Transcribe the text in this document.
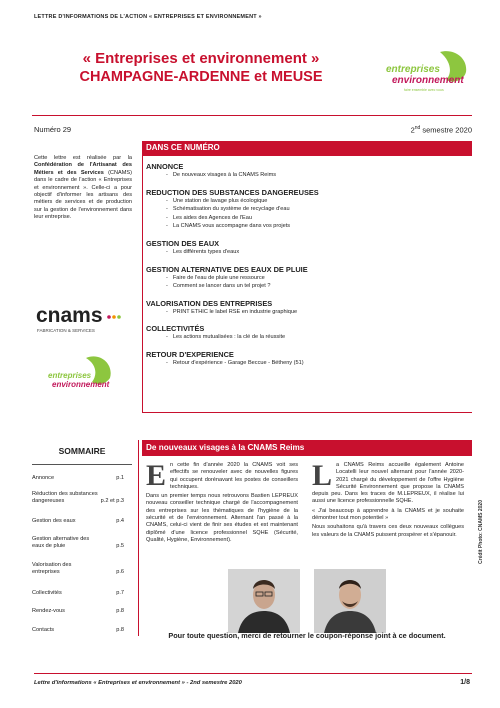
LETTRE D'INFORMATIONS DE L'ACTION « ENTREPRISES ET ENVIRONNEMENT »
« Entreprises et environnement »
CHAMPAGNE-ARDENNE et MEUSE	entreprises
environnement
faire ensemble avec vous
Numéro 29	2nd semestre 2020
Cette lettre est réalisée par la Confédération de l'Artisanat des Métiers et des Services (CNAMS) dans le cadre de l'action « Entreprises et environnement ». Celle-ci a pour objectif d'informer les artisans des métiers de services et de production sur la gestion de l'environnement dans leur entreprise.
cnams
FABRICATION & SERVICES
entreprises
environnement
DANS CE NUMÉRO
ANNONCE
- De nouveaux visages à la CNAMS Reims
REDUCTION DES SUBSTANCES DANGEREUSES
- Une station de lavage plus écologique
- Schématisation du système de recyclage d'eau
- Les aides des Agences de l'Eau
- La CNAMS vous accompagne dans vos projets
GESTION DES EAUX
- Les différents types d'eaux
GESTION ALTERNATIVE DES EAUX DE PLUIE
- Faire de l'eau de pluie une ressource
- Comment se lancer dans un tel projet ?
VALORISATION DES ENTREPRISES
- PRINT ETHIC le label RSE en industrie graphique
COLLECTIVITÉS
- Les actions mutualisées : la clé de la réussite
RETOUR D'EXPERIENCE
- Retour d'expérience - Garage Beccue - Bétheny (51)
SOMMAIRE
Annonce	p.1
Réduction des substances dangereuses	p.2 et p.3
Gestion des eaux	p.4
Gestion alternative des eaux de pluie	p.5
Valorisation des entreprises	p.6
Collectivités	p.7
Rendez-vous	p.8
Contacts	p.8
De nouveaux visages à la CNAMS Reims

En cette fin d'année 2020 la CNAMS voit ses effectifs se renouveler avec de nouvelles figures qui occupent dorénavant les postes de conseillers techniques.

Dans un premier temps nous retrouvons Bastien LEPREUX nouveau conseiller technique chargé de l'accompagnement des entreprises sur les thématiques de l'hygiène de la sécurité et de l'environnement. Alternant l'an passé à la CNAMS, celui-ci vient de finir ses études et est maintenant diplômé d'une licence professionnel SQHE (Sécurité, Qualité, Hygiène, Environnement).

La CNAMS Reims accueille également Antoine Locatelli leur nouvel alternant pour l'année 2020-2021 chargé du développement de l'offre Hygiène Sécurité Environnement que propose la CNAMS depuis peu. Dans les traces de M.LEPREUX, il réalise lui aussi une licence professionnelle SQHE.

« J'ai beaucoup à apprendre à la CNAMS et je souhaite démontrer tout mon potentiel »

Nous souhaitons qu'à travers ces deux nouveaux collègues les valeurs de la CNAMS puissent prospérer et s'épanouir.	Crédit Photo: CNAMS 2020
Pour toute question, merci de retourner le coupon-réponse joint à ce document.
Lettre d'informations « Entreprises et environnement » - 2nd semestre 2020	1/8
